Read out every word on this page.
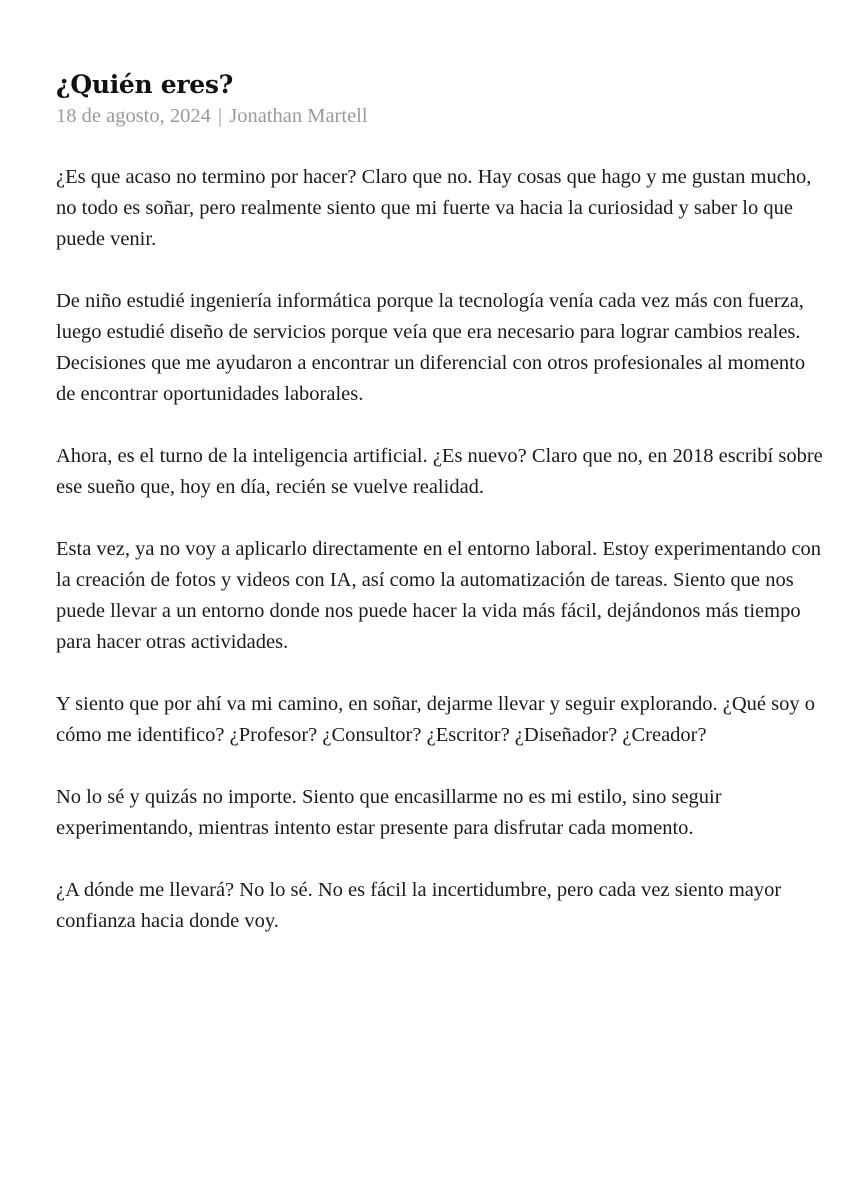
¿Quién eres?

18 de agosto, 2024 | Jonathan Martell

¿Es que acaso no termino por hacer? Claro que no. Hay cosas que hago y me gustan mucho, no todo es soñar, pero realmente siento que mi fuerte va hacia la curiosidad y saber lo que puede venir.

De niño estudié ingeniería informática porque la tecnología venía cada vez más con fuerza, luego estudié diseño de servicios porque veía que era necesario para lograr cambios reales. Decisiones que me ayudaron a encontrar un diferencial con otros profesionales al momento de encontrar oportunidades laborales.

Ahora, es el turno de la inteligencia artificial. ¿Es nuevo? Claro que no, en 2018 escribí sobre ese sueño que, hoy en día, recién se vuelve realidad.

Esta vez, ya no voy a aplicarlo directamente en el entorno laboral. Estoy experimentando con la creación de fotos y videos con IA, así como la automatización de tareas. Siento que nos puede llevar a un entorno donde nos puede hacer la vida más fácil, dejándonos más tiempo para hacer otras actividades.

Y siento que por ahí va mi camino, en soñar, dejarme llevar y seguir explorando. ¿Qué soy o cómo me identifico? ¿Profesor? ¿Consultor? ¿Escritor? ¿Diseñador? ¿Creador?

No lo sé y quizás no importe. Siento que encasillarme no es mi estilo, sino seguir experimentando, mientras intento estar presente para disfrutar cada momento.

¿A dónde me llevará? No lo sé. No es fácil la incertidumbre, pero cada vez siento mayor confianza hacia donde voy.
